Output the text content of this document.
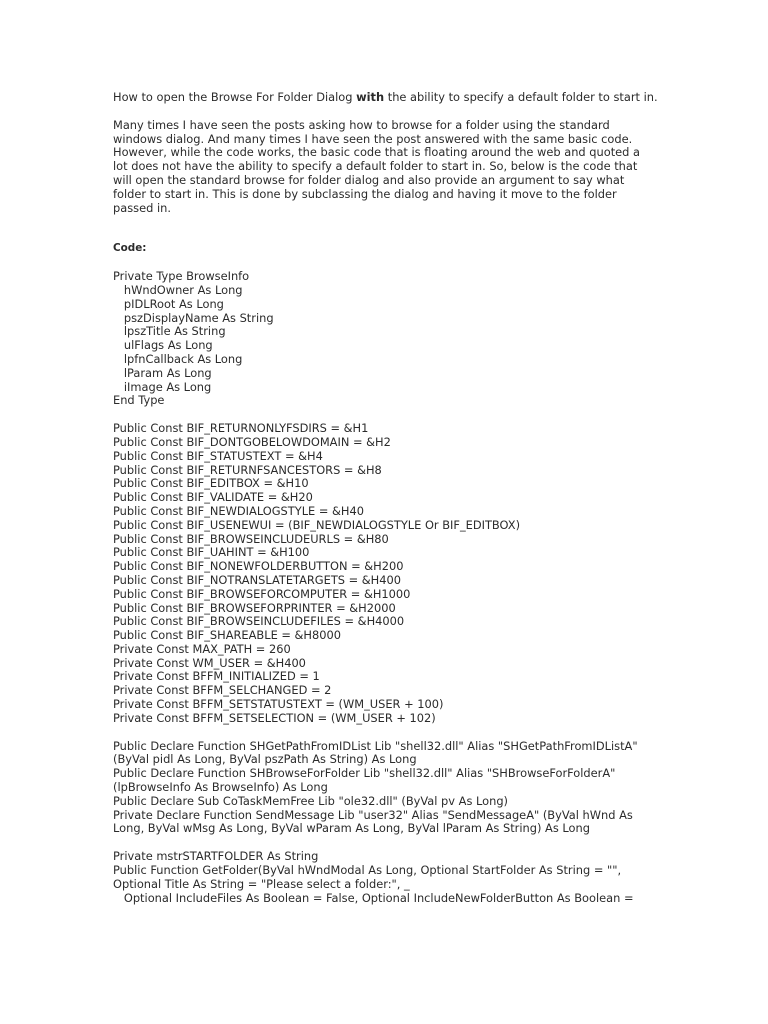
How to open the Browse For Folder Dialog with the ability to specify a default folder to start in.

Many times I have seen the posts asking how to browse for a folder using the standard windows dialog. And many times I have seen the post answered with the same basic code. However, while the code works, the basic code that is floating around the web and quoted a lot does not have the ability to specify a default folder to start in. So, below is the code that will open the standard browse for folder dialog and also provide an argument to say what folder to start in. This is done by subclassing the dialog and having it move to the folder passed in.

Code:

Private Type BrowseInfo
hWndOwner As Long
pIDLRoot As Long
pszDisplayName As String
lpszTitle As String
ulFlags As Long
lpfnCallback As Long
lParam As Long
iImage As Long
End Type
Public Const BIF_RETURNONLYFSDIRS = &H1
Public Const BIF_DONTGOBELOWDOMAIN = &H2
Public Const BIF_STATUSTEXT = &H4
Public Const BIF_RETURNFSANCESTORS = &H8
Public Const BIF_EDITBOX = &H10
Public Const BIF_VALIDATE = &H20
Public Const BIF_NEWDIALOGSTYLE = &H40
Public Const BIF_USENEWUI = (BIF_NEWDIALOGSTYLE Or BIF_EDITBOX)
Public Const BIF_BROWSEINCLUDEURLS = &H80
Public Const BIF_UAHINT = &H100
Public Const BIF_NONEWFOLDERBUTTON = &H200
Public Const BIF_NOTRANSLATETARGETS = &H400
Public Const BIF_BROWSEFORCOMPUTER = &H1000
Public Const BIF_BROWSEFORPRINTER = &H2000
Public Const BIF_BROWSEINCLUDEFILES = &H4000
Public Const BIF_SHAREABLE = &H8000
Private Const MAX_PATH = 260
Private Const WM_USER = &H400
Private Const BFFM_INITIALIZED = 1
Private Const BFFM_SELCHANGED = 2
Private Const BFFM_SETSTATUSTEXT = (WM_USER + 100)
Private Const BFFM_SETSELECTION = (WM_USER + 102)
Public Declare Function SHGetPathFromIDList Lib "shell32.dll" Alias "SHGetPathFromIDListA" (ByVal pidl As Long, ByVal pszPath As String) As Long
Public Declare Function SHBrowseForFolder Lib "shell32.dll" Alias "SHBrowseForFolderA" (lpBrowseInfo As BrowseInfo) As Long
Public Declare Sub CoTaskMemFree Lib "ole32.dll" (ByVal pv As Long)
Private Declare Function SendMessage Lib "user32" Alias "SendMessageA" (ByVal hWnd As Long, ByVal wMsg As Long, ByVal wParam As Long, ByVal lParam As String) As Long
Private mstrSTARTFOLDER As String
Public Function GetFolder(ByVal hWndModal As Long, Optional StartFolder As String = "", Optional Title As String = "Please select a folder:", _
Optional IncludeFiles As Boolean = False, Optional IncludeNewFolderButton As Boolean =
